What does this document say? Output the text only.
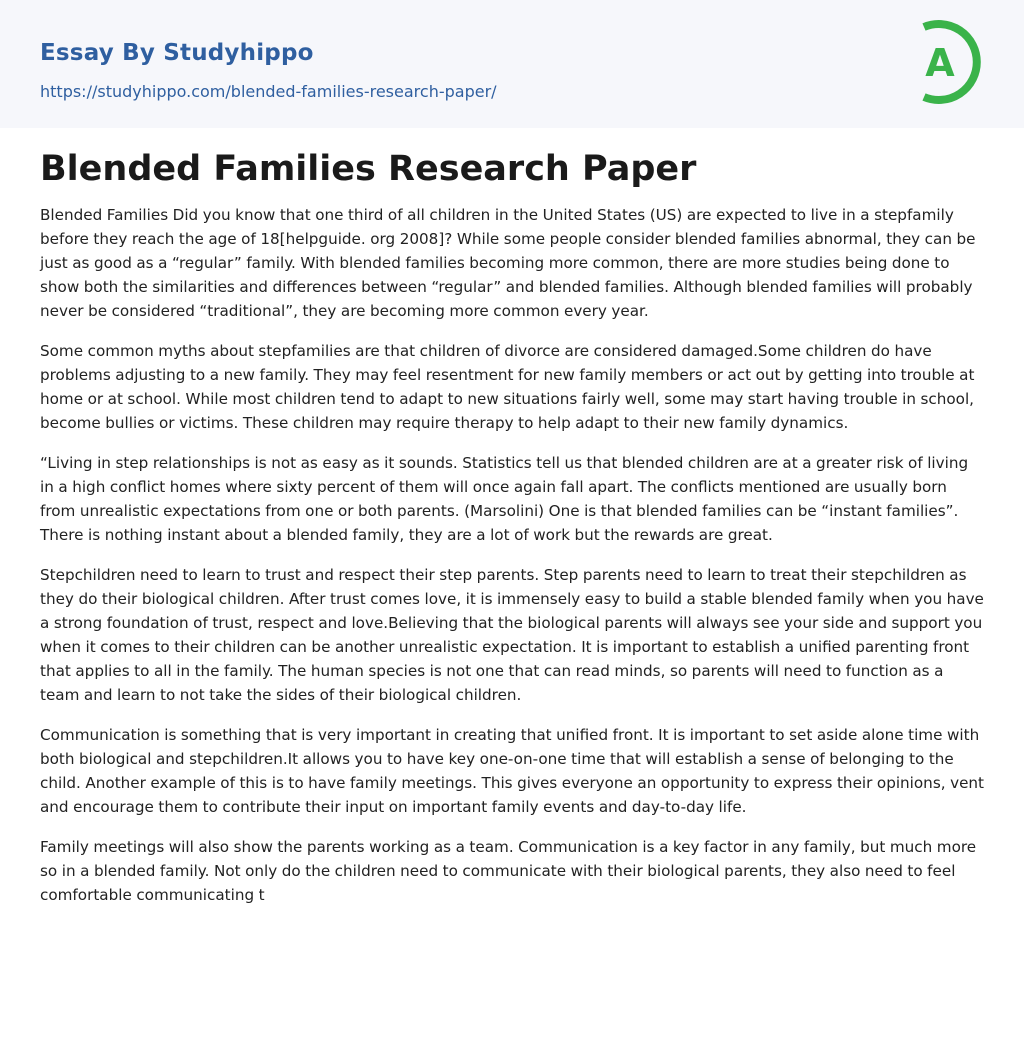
Essay By Studyhippo
https://studyhippo.com/blended-families-research-paper/
A
Blended Families Research Paper

Blended Families Did you know that one third of all children in the United States (US) are expected to live in a stepfamily before they reach the age of 18[helpguide. org 2008]? While some people consider blended families abnormal, they can be just as good as a “regular” family. With blended families becoming more common, there are more studies being done to show both the similarities and differences between “regular” and blended families. Although blended families will probably never be considered “traditional”, they are becoming more common every year.

Some common myths about stepfamilies are that children of divorce are considered damaged.Some children do have problems adjusting to a new family. They may feel resentment for new family members or act out by getting into trouble at home or at school. While most children tend to adapt to new situations fairly well, some may start having trouble in school, become bullies or victims. These children may require therapy to help adapt to their new family dynamics.

“Living in step relationships is not as easy as it sounds. Statistics tell us that blended children are at a greater risk of living in a high conflict homes where sixty percent of them will once again fall apart. The conflicts mentioned are usually born from unrealistic expectations from one or both parents. (Marsolini) One is that blended families can be “instant families”. There is nothing instant about a blended family, they are a lot of work but the rewards are great.

Stepchildren need to learn to trust and respect their step parents. Step parents need to learn to treat their stepchildren as they do their biological children. After trust comes love, it is immensely easy to build a stable blended family when you have a strong foundation of trust, respect and love.Believing that the biological parents will always see your side and support you when it comes to their children can be another unrealistic expectation. It is important to establish a unified parenting front that applies to all in the family. The human species is not one that can read minds, so parents will need to function as a team and learn to not take the sides of their biological children.

Communication is something that is very important in creating that unified front. It is important to set aside alone time with both biological and stepchildren.It allows you to have key one-on-one time that will establish a sense of belonging to the child. Another example of this is to have family meetings. This gives everyone an opportunity to express their opinions, vent and encourage them to contribute their input on important family events and day-to-day life.

Family meetings will also show the parents working as a team. Communication is a key factor in any family, but much more so in a blended family. Not only do the children need to communicate with their biological parents, they also need to feel comfortable communicating t
